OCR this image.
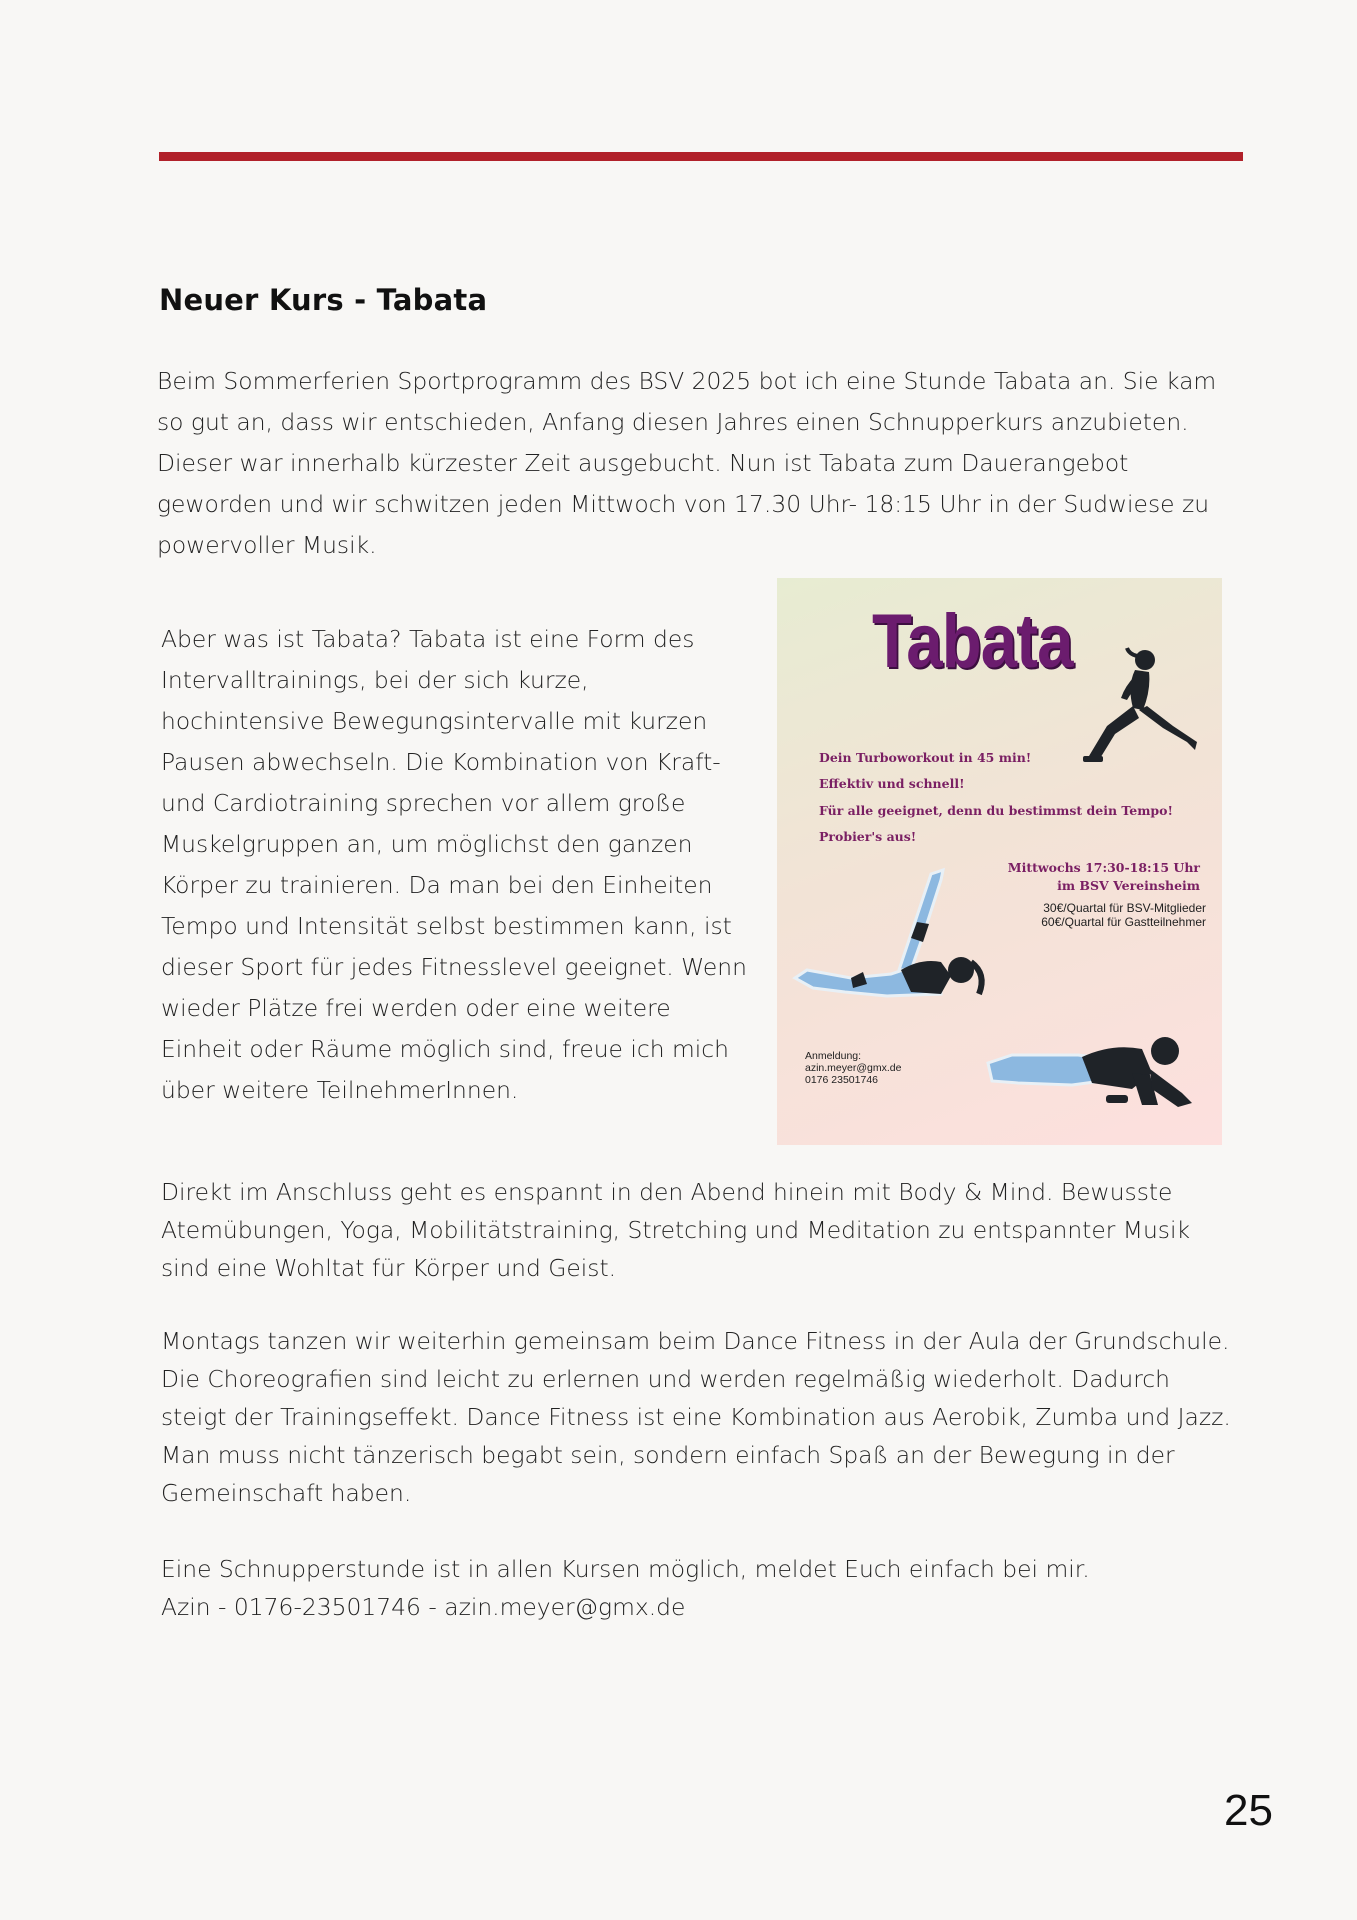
Neuer Kurs - Tabata

Beim Sommerferien Sportprogramm des BSV 2025 bot ich eine Stunde Tabata an. Sie kam so gut an, dass wir entschieden, Anfang diesen Jahres einen Schnupperkurs anzubieten. Dieser war innerhalb kürzester Zeit ausgebucht. Nun ist Tabata zum Dauerangebot geworden und wir schwitzen jeden Mittwoch von 17.30 Uhr- 18:15 Uhr in der Sudwiese zu powervoller Musik.

Aber was ist Tabata? Tabata ist eine Form des Intervalltrainings, bei der sich kurze, hochintensive Bewegungsintervalle mit kurzen Pausen abwechseln. Die Kombination von Kraft- und Cardiotraining sprechen vor allem große Muskelgruppen an, um möglichst den ganzen Körper zu trainieren. Da man bei den Einheiten Tempo und Intensität selbst bestimmen kann, ist dieser Sport für jedes Fitnesslevel geeignet. Wenn wieder Plätze frei werden oder eine weitere Einheit oder Räume möglich sind, freue ich mich über weitere TeilnehmerInnen.

Tabata
Dein Turboworkout in 45 min!
Effektiv und schnell!
Für alle geeignet, denn du bestimmst dein Tempo!
Probier's aus!
Mittwochs 17:30-18:15 Uhr
im BSV Vereinsheim
30€/Quartal für BSV-Mitglieder
60€/Quartal für Gastteilnehmer
Anmeldung:
azin.meyer@gmx.de
0176 23501746

Direkt im Anschluss geht es enspannt in den Abend hinein mit Body & Mind. Bewusste Atemübungen, Yoga, Mobilitätstraining, Stretching und Meditation zu entspannter Musik sind eine Wohltat für Körper und Geist.

Montags tanzen wir weiterhin gemeinsam beim Dance Fitness in der Aula der Grundschule. Die Choreografien sind leicht zu erlernen und werden regelmäßig wiederholt. Dadurch steigt der Trainingseffekt. Dance Fitness ist eine Kombination aus Aerobik, Zumba und Jazz. Man muss nicht tänzerisch begabt sein, sondern einfach Spaß an der Bewegung in der Gemeinschaft haben.

Eine Schnupperstunde ist in allen Kursen möglich, meldet Euch einfach bei mir.
Azin - 0176-23501746 - azin.meyer@gmx.de

25
